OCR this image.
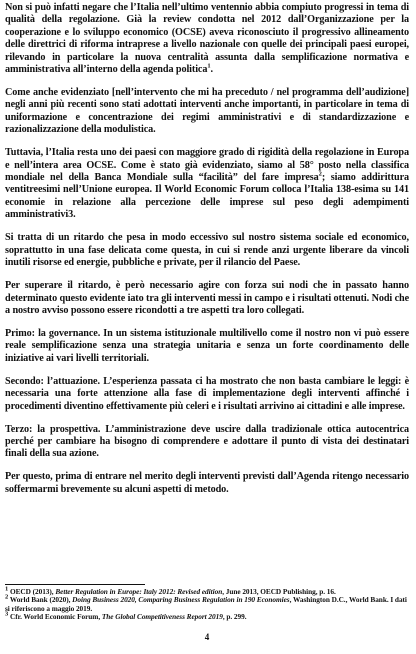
Non si può infatti negare che l’Italia nell’ultimo ventennio abbia compiuto progressi in tema di qualità della regolazione. Già la review condotta nel 2012 dall’Organizzazione per la cooperazione e lo sviluppo economico (OCSE) aveva riconosciuto il progressivo allineamento delle direttrici di riforma intraprese a livello nazionale con quelle dei principali paesi europei, rilevando in particolare la nuova centralità assunta dalla semplificazione normativa e amministrativa all’interno della agenda politica$^1$.

Come anche evidenziato [nell’intervento che mi ha preceduto / nel programma dell’audizione] negli anni più recenti sono stati adottati interventi anche importanti, in particolare in tema di uniformazione e concentrazione dei regimi amministrativi e di standardizzazione e razionalizzazione della modulistica.

Tuttavia, l’Italia resta uno dei paesi con maggiore grado di rigidità della regolazione in Europa e nell’intera area OCSE. Come è stato già evidenziato, siamo al 58° posto nella classifica mondiale nel della Banca Mondiale sulla “facilità” del fare impresa$^2$; siamo addirittura ventitreesimi nell’Unione europea. Il World Economic Forum colloca l’Italia 138-esima su 141 economie in relazione alla percezione delle imprese sul peso degli adempimenti amministrativi3.

Si tratta di un ritardo che pesa in modo eccessivo sul nostro sistema sociale ed economico, soprattutto in una fase delicata come questa, in cui si rende anzi urgente liberare da vincoli inutili risorse ed energie, pubbliche e private, per il rilancio del Paese.

Per superare il ritardo, è però necessario agire con forza sui nodi che in passato hanno determinato questo evidente iato tra gli interventi messi in campo e i risultati ottenuti. Nodi che a nostro avviso possono essere ricondotti a tre aspetti tra loro collegati.

Primo: la governance. In un sistema istituzionale multilivello come il nostro non vi può essere reale semplificazione senza una strategia unitaria e senza un forte coordinamento delle iniziative ai vari livelli territoriali.

Secondo: l’attuazione. L’esperienza passata ci ha mostrato che non basta cambiare le leggi: è necessaria una forte attenzione alla fase di implementazione degli interventi affinché i procedimenti diventino effettivamente più celeri e i risultati arrivino ai cittadini e alle imprese.

Terzo: la prospettiva. L’amministrazione deve uscire dalla tradizionale ottica autocentrica perché per cambiare ha bisogno di comprendere e adottare il punto di vista dei destinatari finali della sua azione.

Per questo, prima di entrare nel merito degli interventi previsti dall’Agenda ritengo necessario soffermarmi brevemente su alcuni aspetti di metodo.

$^1$ OECD (2013), Better Regulation in Europe: Italy 2012: Revised edition, June 2013, OECD Publishing, p. 16.

$^2$ World Bank (2020), Doing Business 2020, Comparing Business Regulation in 190 Economies, Washington D.C., World Bank. I dati si riferiscono a maggio 2019.

$^3$ Cfr. World Economic Forum, The Global Competitiveness Report 2019, p. 299.

4
